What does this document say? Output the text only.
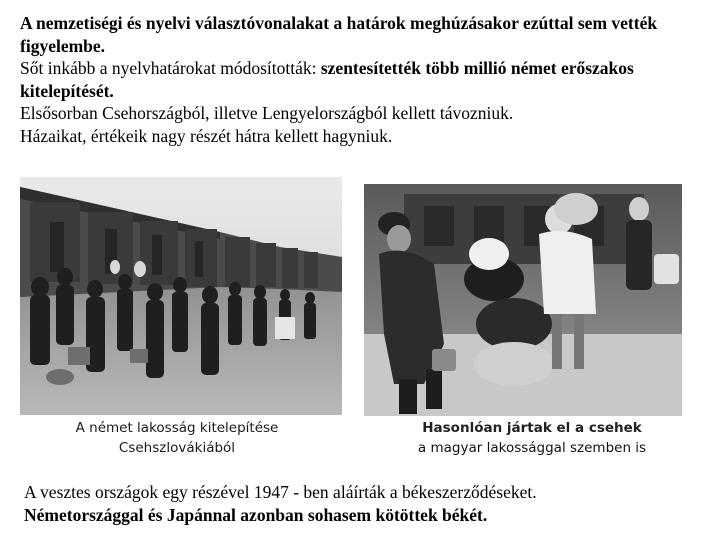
A nemzetiségi és nyelvi választóvonalakat a határok meghúzásakor ezúttal sem vették figyelembe.

Sőt inkább a nyelvhatárokat módosították: szentesítették több millió német erőszakos kitelepítését.

Elsősorban Csehországból, illetve Lengyelországból kellett távozniuk.

Házaikat, értékeik nagy részét hátra kellett hagyniuk.

A német lakosság kitelepítése
Csehszlovákiából
Hasonlóan jártak el a csehek
a magyar lakossággal szemben is

A vesztes országok egy részével 1947 - ben aláírták a békeszerződéseket.

Németországgal és Japánnal azonban sohasem kötöttek békét.
